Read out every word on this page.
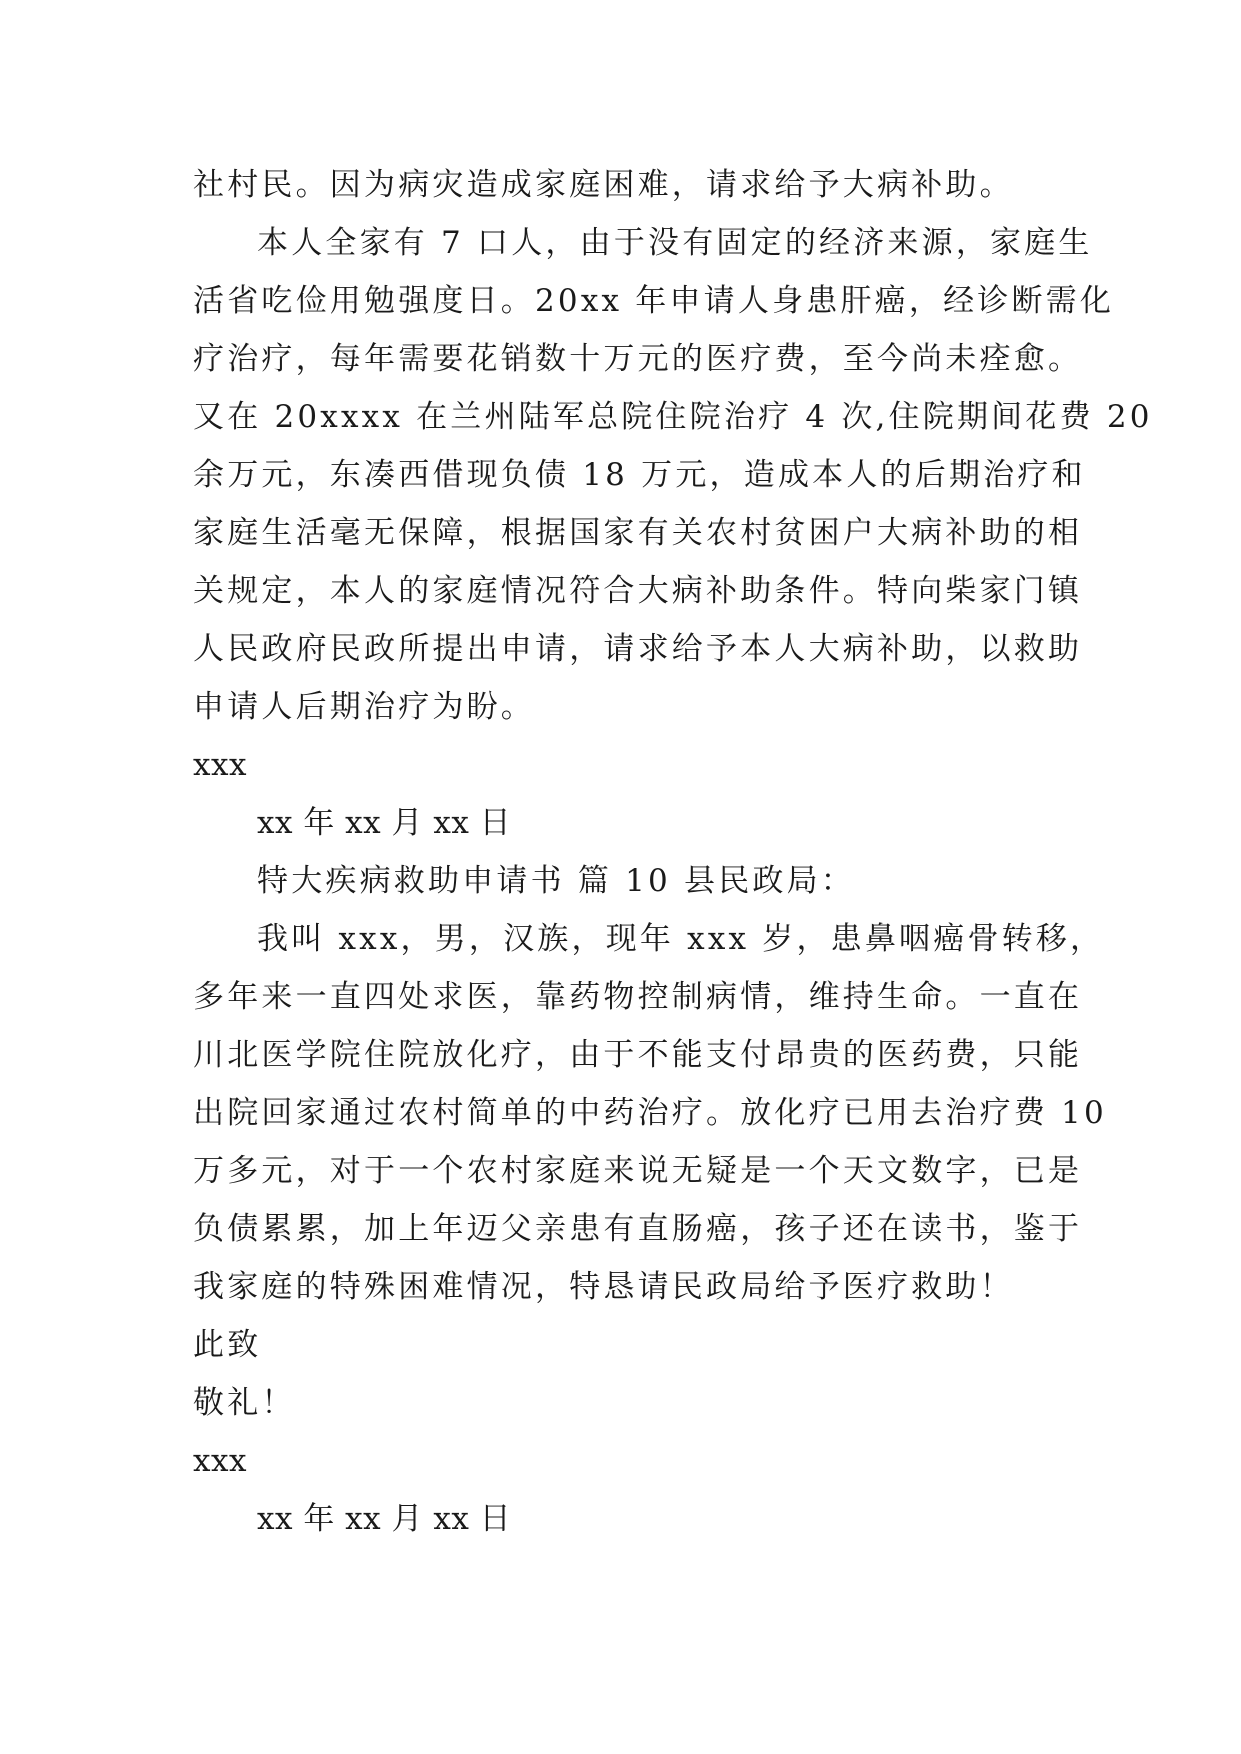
社村民。因为病灾造成家庭困难，请求给予大病补助。
本人全家有 7 口人，由于没有固定的经济来源，家庭生
活省吃俭用勉强度日。20xx 年申请人身患肝癌，经诊断需化
疗治疗，每年需要花销数十万元的医疗费，至今尚未痊愈。
又在 20xxxx 在兰州陆军总院住院治疗 4 次,住院期间花费 20
余万元，东凑西借现负债 18 万元，造成本人的后期治疗和
家庭生活毫无保障，根据国家有关农村贫困户大病补助的相
关规定，本人的家庭情况符合大病补助条件。特向柴家门镇
人民政府民政所提出申请，请求给予本人大病补助，以救助
申请人后期治疗为盼。
xxx
xx 年 xx 月 xx 日
特大疾病救助申请书 篇 10 县民政局：
我叫 xxx，男，汉族，现年 xxx 岁，患鼻咽癌骨转移，
多年来一直四处求医，靠药物控制病情，维持生命。一直在
川北医学院住院放化疗，由于不能支付昂贵的医药费，只能
出院回家通过农村简单的中药治疗。放化疗已用去治疗费 10
万多元，对于一个农村家庭来说无疑是一个天文数字，已是
负债累累，加上年迈父亲患有直肠癌，孩子还在读书，鉴于
我家庭的特殊困难情况，特恳请民政局给予医疗救助！
此致
敬礼！
xxx
xx 年 xx 月 xx 日
